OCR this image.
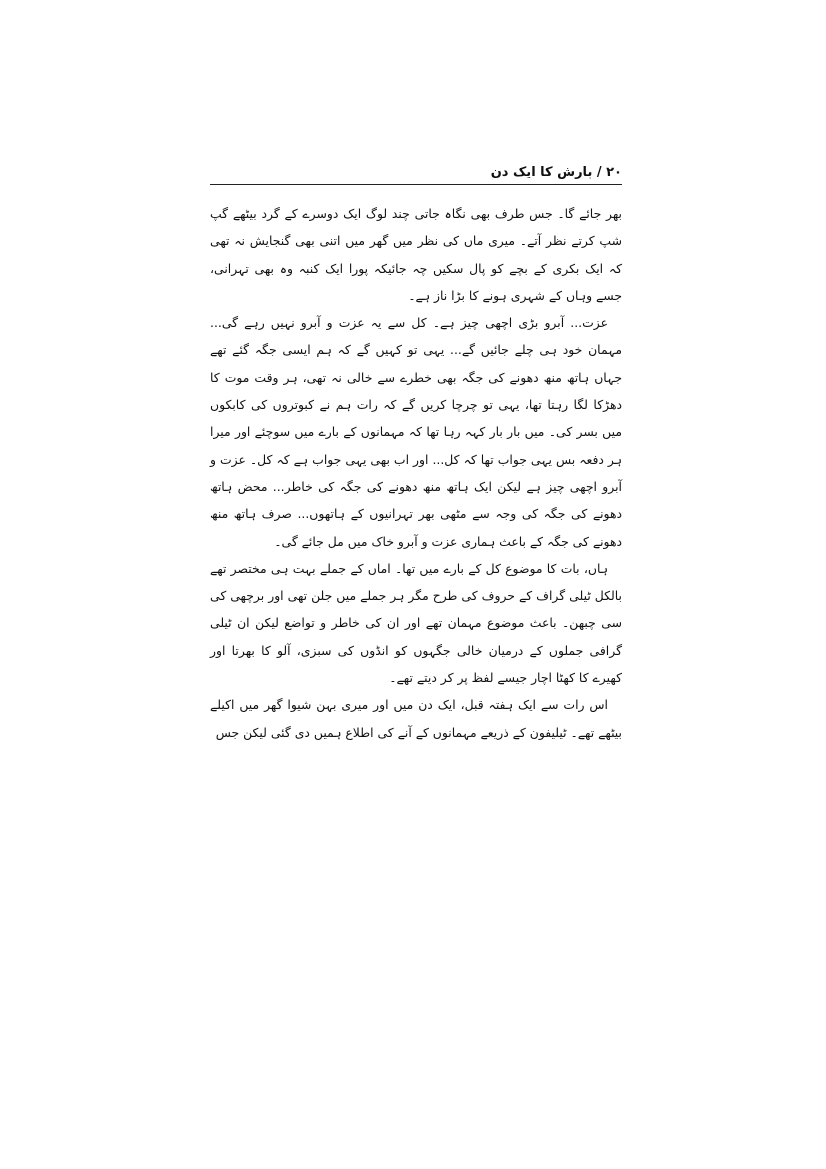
۲۰ / بارش کا ایک دن

بھر جائے گا۔ جس طرف بھی نگاہ جاتی چند لوگ ایک دوسرے کے گرد بیٹھے گپ شپ کرتے نظر آتے۔ میری ماں کی نظر میں گھر میں اتنی بھی گنجایش نہ تھی کہ ایک بکری کے بچے کو پال سکیں چہ جائیکہ پورا ایک کنبہ وہ بھی تہرانی، جسے وہاں کے شہری ہونے کا بڑا ناز ہے۔

عزت... آبرو بڑی اچھی چیز ہے۔ کل سے یہ عزت و آبرو نہیں رہے گی... مہمان خود ہی چلے جائیں گے... یہی تو کہیں گے کہ ہم ایسی جگہ گئے تھے جہاں ہاتھ منھ دھونے کی جگہ بھی خطرے سے خالی نہ تھی، ہر وقت موت کا دھڑکا لگا رہتا تھا، یہی تو چرچا کریں گے کہ رات ہم نے کبوتروں کی کابکوں میں بسر کی۔ میں بار بار کہہ رہا تھا کہ مہمانوں کے بارے میں سوچئے اور میرا ہر دفعہ بس یہی جواب تھا کہ کل... اور اب بھی یہی جواب ہے کہ کل۔ عزت و آبرو اچھی چیز ہے لیکن ایک ہاتھ منھ دھونے کی جگہ کی خاطر... محض ہاتھ دھونے کی جگہ کی وجہ سے مٹھی بھر تہرانیوں کے ہاتھوں... صرف ہاتھ منھ دھونے کی جگہ کے باعث ہماری عزت و آبرو خاک میں مل جائے گی۔

ہاں، بات کا موضوع کل کے بارے میں تھا۔ اماں کے جملے بہت ہی مختصر تھے بالکل ٹیلی گراف کے حروف کی طرح مگر ہر جملے میں جلن تھی اور برچھی کی سی چبھن۔ باعث موضوع مہمان تھے اور ان کی خاطر و تواضع لیکن ان ٹیلی گرافی جملوں کے درمیان خالی جگہوں کو انڈوں کی سبزی، آلو کا بھرتا اور کھیرے کا کھٹا اچار جیسے لفظ پر کر دیتے تھے۔

اس رات سے ایک ہفتہ قبل، ایک دن میں اور میری بہن شیوا گھر میں اکیلے بیٹھے تھے۔ ٹیلیفون کے ذریعے مہمانوں کے آنے کی اطلاع ہمیں دی گئی لیکن جس
